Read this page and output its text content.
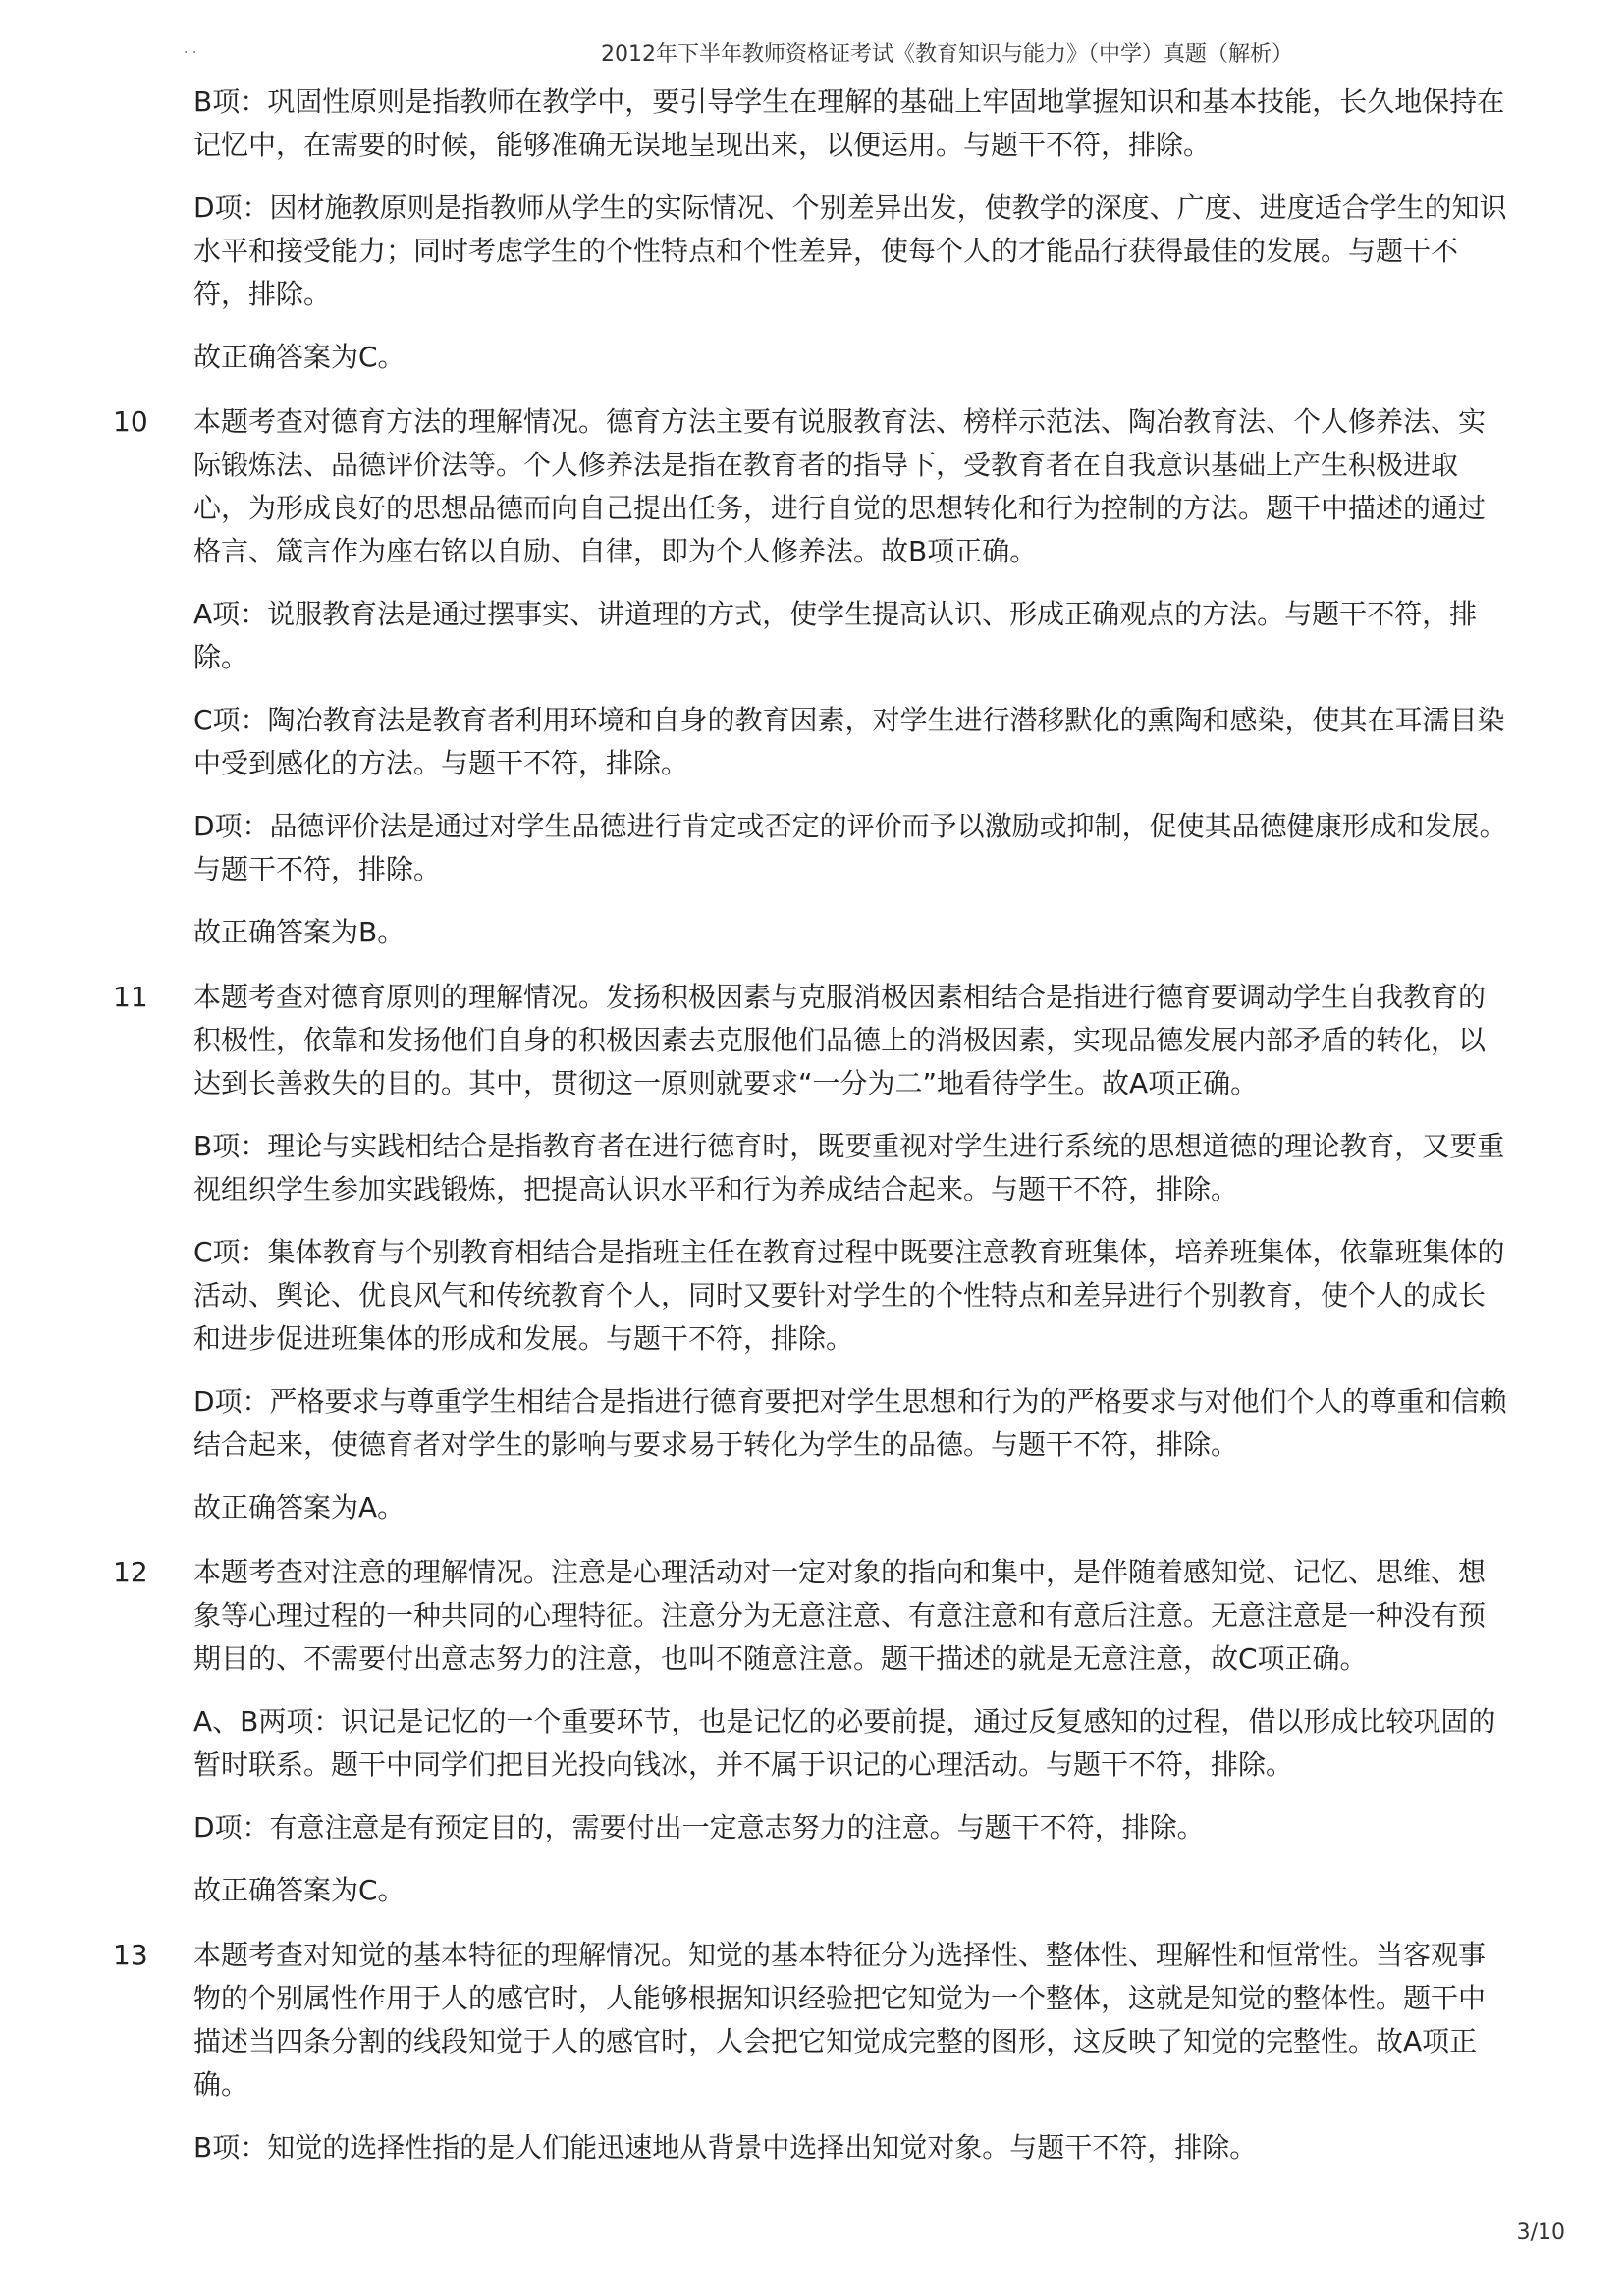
. .	2012年下半年教师资格证考试《教育知识与能力》（中学）真题（解析）
B项：巩固性原则是指教师在教学中，要引导学生在理解的基础上牢固地掌握知识和基本技能，长久地保持在记忆中，在需要的时候，能够准确无误地呈现出来，以便运用。与题干不符，排除。
D项：因材施教原则是指教师从学生的实际情况、个别差异出发，使教学的深度、广度、进度适合学生的知识水平和接受能力；同时考虑学生的个性特点和个性差异，使每个人的才能品行获得最佳的发展。与题干不符，排除。
故正确答案为C。
10 本题考查对德育方法的理解情况。德育方法主要有说服教育法、榜样示范法、陶冶教育法、个人修养法、实际锻炼法、品德评价法等。个人修养法是指在教育者的指导下，受教育者在自我意识基础上产生积极进取心，为形成良好的思想品德而向自己提出任务，进行自觉的思想转化和行为控制的方法。题干中描述的通过格言、箴言作为座右铭以自励、自律，即为个人修养法。故B项正确。
A项：说服教育法是通过摆事实、讲道理的方式，使学生提高认识、形成正确观点的方法。与题干不符，排除。
C项：陶冶教育法是教育者利用环境和自身的教育因素，对学生进行潜移默化的熏陶和感染，使其在耳濡目染中受到感化的方法。与题干不符，排除。
D项：品德评价法是通过对学生品德进行肯定或否定的评价而予以激励或抑制，促使其品德健康形成和发展。与题干不符，排除。
故正确答案为B。
11 本题考查对德育原则的理解情况。发扬积极因素与克服消极因素相结合是指进行德育要调动学生自我教育的积极性，依靠和发扬他们自身的积极因素去克服他们品德上的消极因素，实现品德发展内部矛盾的转化，以达到长善救失的目的。其中，贯彻这一原则就要求“一分为二”地看待学生。故A项正确。
B项：理论与实践相结合是指教育者在进行德育时，既要重视对学生进行系统的思想道德的理论教育，又要重视组织学生参加实践锻炼，把提高认识水平和行为养成结合起来。与题干不符，排除。
C项：集体教育与个别教育相结合是指班主任在教育过程中既要注意教育班集体，培养班集体，依靠班集体的活动、舆论、优良风气和传统教育个人，同时又要针对学生的个性特点和差异进行个别教育，使个人的成长和进步促进班集体的形成和发展。与题干不符，排除。
D项：严格要求与尊重学生相结合是指进行德育要把对学生思想和行为的严格要求与对他们个人的尊重和信赖结合起来，使德育者对学生的影响与要求易于转化为学生的品德。与题干不符，排除。
故正确答案为A。
12 本题考查对注意的理解情况。注意是心理活动对一定对象的指向和集中，是伴随着感知觉、记忆、思维、想象等心理过程的一种共同的心理特征。注意分为无意注意、有意注意和有意后注意。无意注意是一种没有预期目的、不需要付出意志努力的注意，也叫不随意注意。题干描述的就是无意注意，故C项正确。
A、B两项：识记是记忆的一个重要环节，也是记忆的必要前提，通过反复感知的过程，借以形成比较巩固的暂时联系。题干中同学们把目光投向钱冰，并不属于识记的心理活动。与题干不符，排除。
D项：有意注意是有预定目的，需要付出一定意志努力的注意。与题干不符，排除。
故正确答案为C。
13 本题考查对知觉的基本特征的理解情况。知觉的基本特征分为选择性、整体性、理解性和恒常性。当客观事物的个别属性作用于人的感官时，人能够根据知识经验把它知觉为一个整体，这就是知觉的整体性。题干中描述当四条分割的线段知觉于人的感官时，人会把它知觉成完整的图形，这反映了知觉的完整性。故A项正确。
B项：知觉的选择性指的是人们能迅速地从背景中选择出知觉对象。与题干不符，排除。
3/10
